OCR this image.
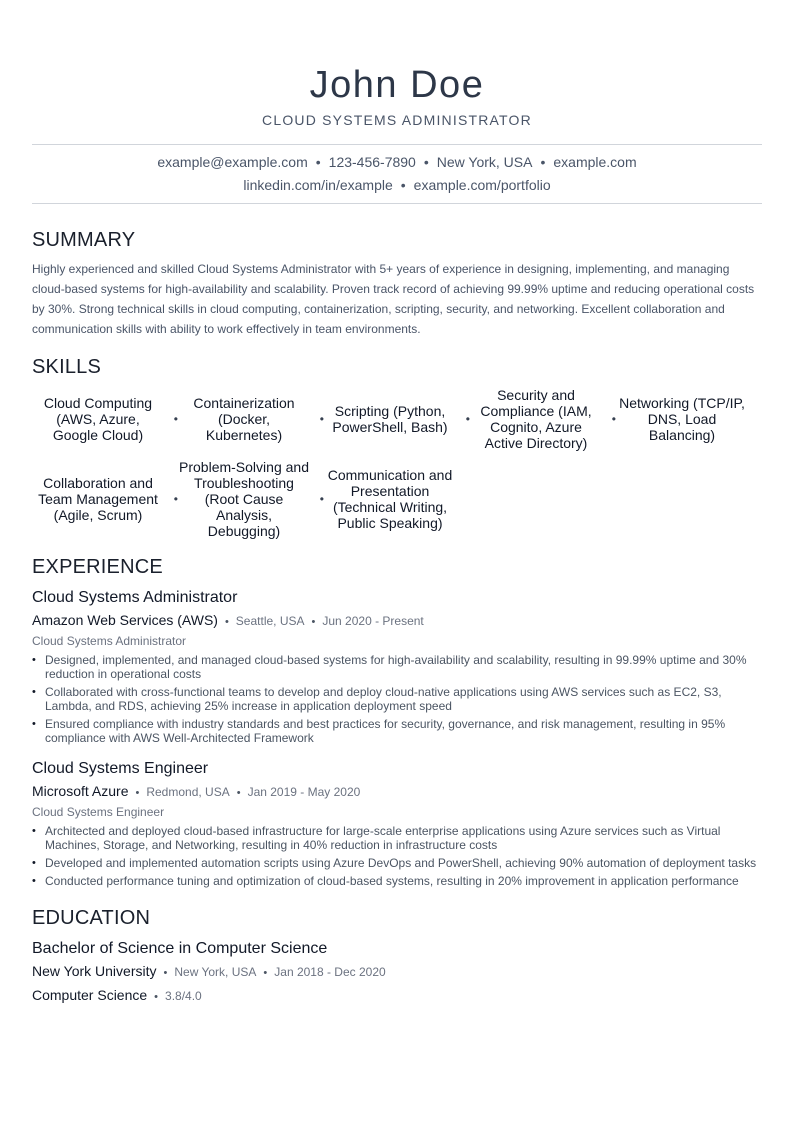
John Doe
CLOUD SYSTEMS ADMINISTRATOR
example@example.com • 123-456-7890 • New York, USA • example.com
linkedin.com/in/example • example.com/portfolio
SUMMARY
Highly experienced and skilled Cloud Systems Administrator with 5+ years of experience in designing, implementing, and managing cloud-based systems for high-availability and scalability. Proven track record of achieving 99.99% uptime and reducing operational costs by 30%. Strong technical skills in cloud computing, containerization, scripting, security, and networking. Excellent collaboration and communication skills with ability to work effectively in team environments.
SKILLS
Cloud Computing (AWS, Azure, Google Cloud)
•
Containerization (Docker, Kubernetes)
• Scripting (Python, PowerShell, Bash)	•
Security and Compliance (IAM, Cognito, Azure Active Directory)
•
Networking (TCP/IP, DNS, Load Balancing)
Collaboration and Team Management (Agile, Scrum)
•
Problem-Solving and Troubleshooting (Root Cause Analysis, Debugging)
•
Communication and Presentation (Technical Writing, Public Speaking)
EXPERIENCE
Cloud Systems Administrator
Amazon Web Services (AWS) • Seattle, USA • Jun 2020 - Present
Cloud Systems Administrator
• Designed, implemented, and managed cloud-based systems for high-availability and scalability, resulting in 99.99% uptime and 30% reduction in operational costs
• Collaborated with cross-functional teams to develop and deploy cloud-native applications using AWS services such as EC2, S3, Lambda, and RDS, achieving 25% increase in application deployment speed
• Ensured compliance with industry standards and best practices for security, governance, and risk management, resulting in 95% compliance with AWS Well-Architected Framework
Cloud Systems Engineer
Microsoft Azure • Redmond, USA • Jan 2019 - May 2020
Cloud Systems Engineer
• Architected and deployed cloud-based infrastructure for large-scale enterprise applications using Azure services such as Virtual Machines, Storage, and Networking, resulting in 40% reduction in infrastructure costs
• Developed and implemented automation scripts using Azure DevOps and PowerShell, achieving 90% automation of deployment tasks
• Conducted performance tuning and optimization of cloud-based systems, resulting in 20% improvement in application performance
EDUCATION
Bachelor of Science in Computer Science
New York University • New York, USA • Jan 2018 - Dec 2020
Computer Science • 3.8/4.0
